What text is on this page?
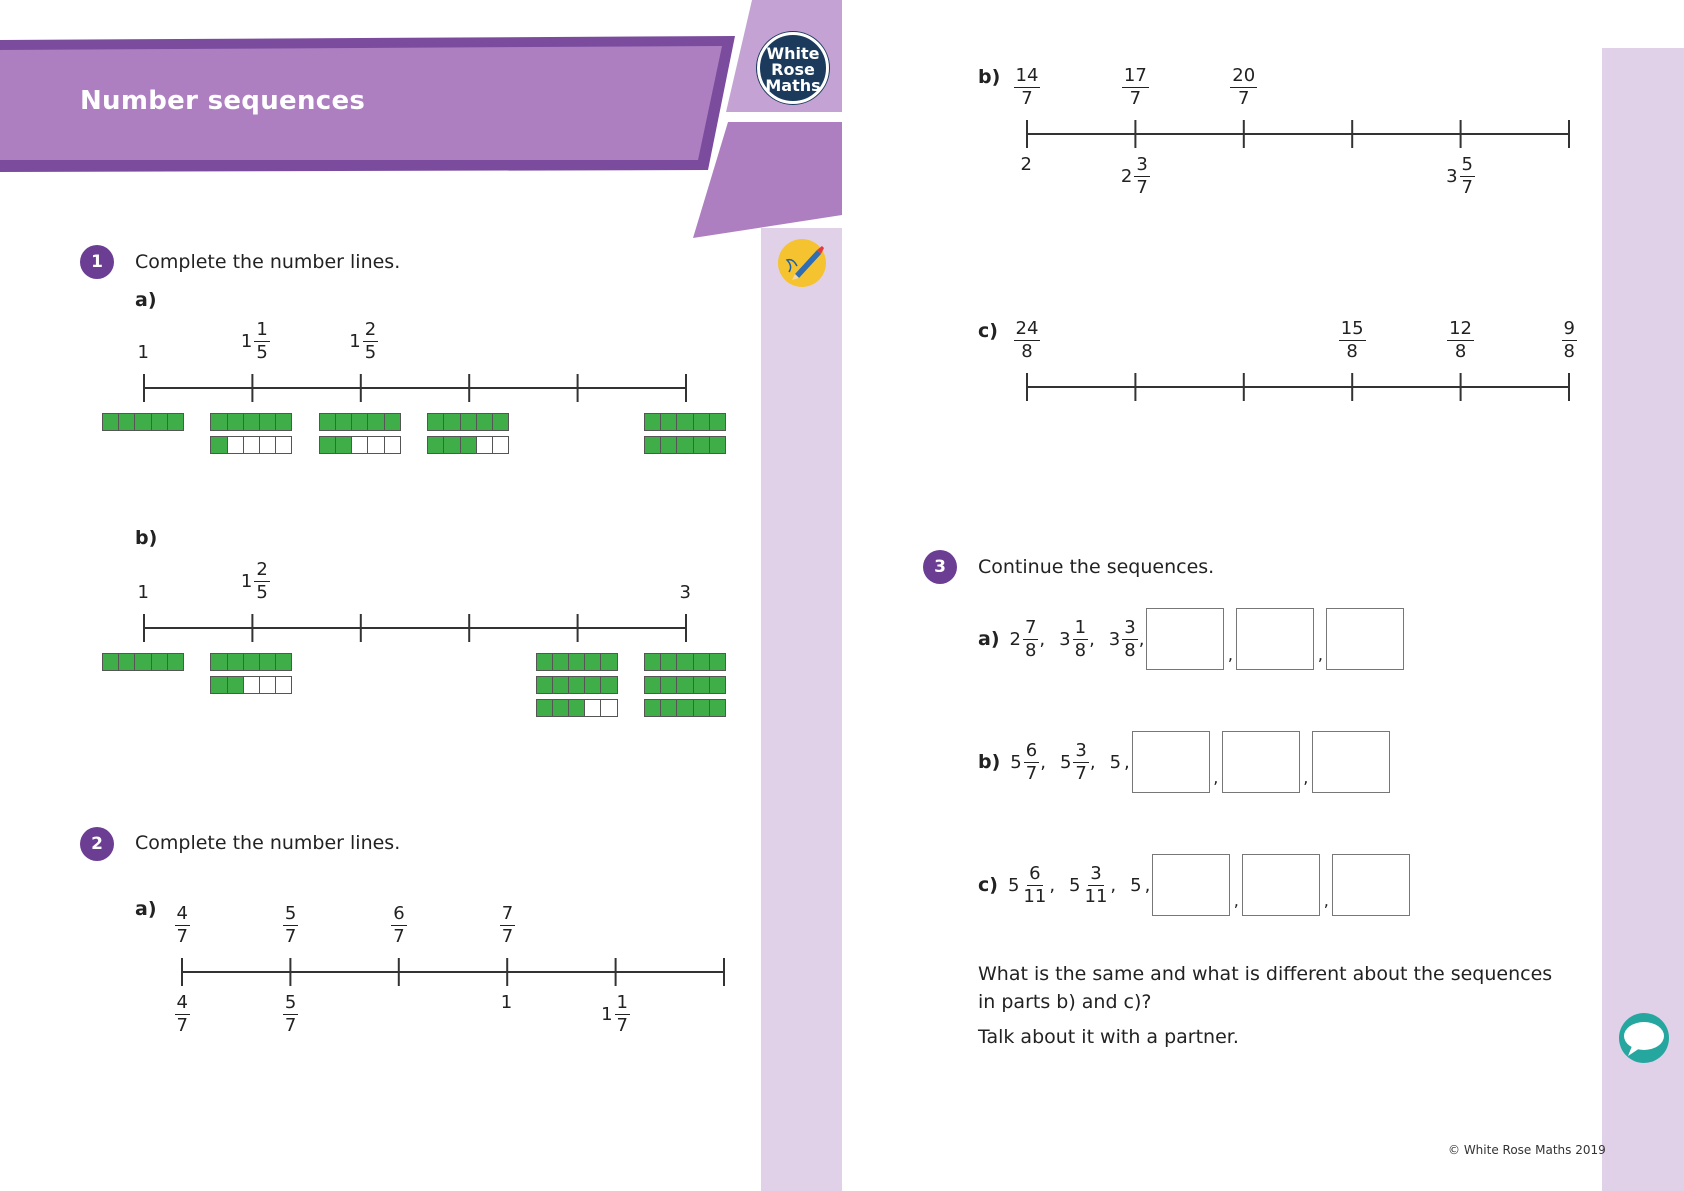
Number sequences
White
Rose
Maths
1	Complete the number lines.
a)
1
$1 \frac{1}{5}$	$1 \frac{2}{5}$
b)
1
$1 \frac{2}{5}$	3
2	Complete the number lines.
$a) \frac{4}{7}$	$\frac{5}{7}$	$\frac{6}{7}$	$\frac{7}{7}$
$\frac{4}{7}$	$\frac{5}{7}$	1
$1 \frac{1}{7}$
$b) \frac{14}{7}$	$\frac{17}{7}$	$\frac{20}{7}$
2
$2 \frac{3}{7}$	$3 \frac{5}{7}$
$c) \frac{24}{8}$	$\frac{15}{8}$	$\frac{12}{8}$	$\frac{9}{8}$
3	Continue the sequences.
a) $2 \frac{7}{8}$ , $3 \frac{1}{8}$ , $3 \frac{3}{8}$ ,
,	,
b) $5 \frac{6}{7}$ , $5 \frac{3}{7}$ , 5 ,
,	,
c) $5 \frac{6}{11}$ , $5 \frac{3}{11}$ , 5 ,
,	,
What is the same and what is different about the sequences in parts b) and c)?
Talk about it with a partner.
© White Rose Maths 2019
